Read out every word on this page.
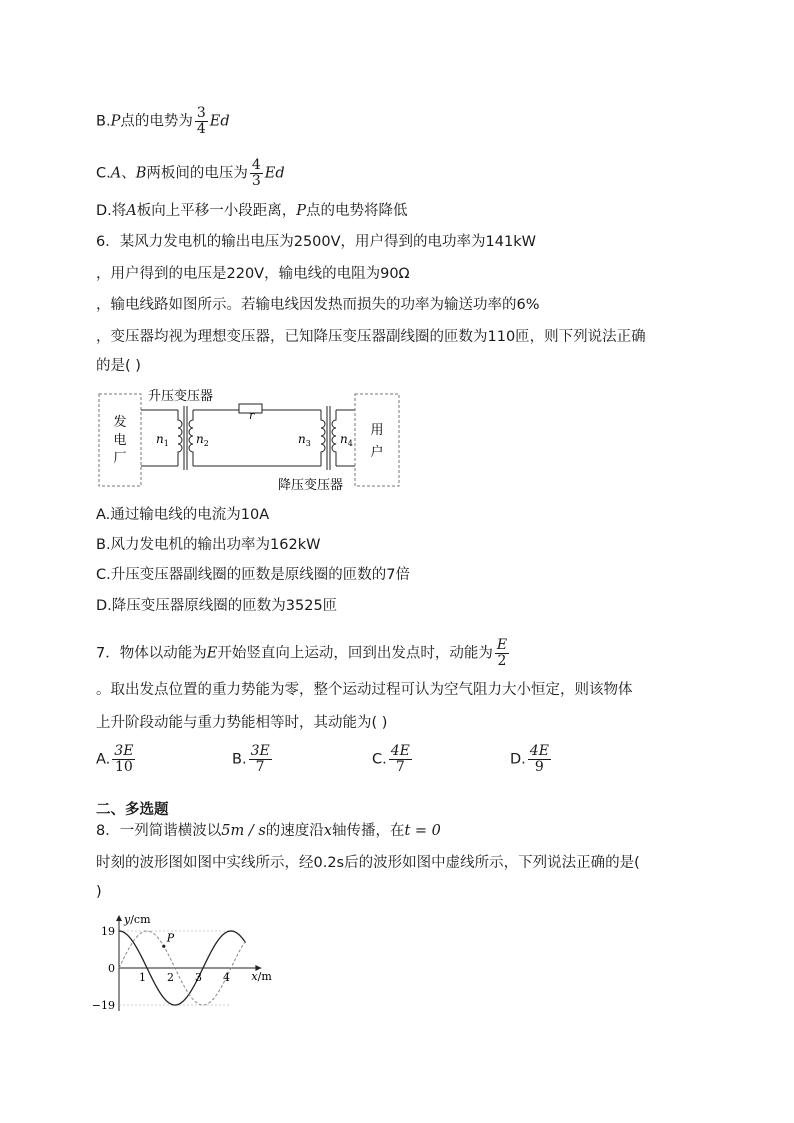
B.P点的电势为 $\frac{3}{4}$ Ed
C.A、B两板间的电压为 $\frac{4}{3}$ Ed
D.将A板向上平移一小段距离，P点的电势将降低
6．某风力发电机的输出电压为2500V，用户得到的电功率为141kW
，用户得到的电压是220V，输电线的电阻为90Ω
，输电线路如图所示。若输电线因发热而损失的功率为输送功率的6%
，变压器均视为理想变压器，已知降压变压器副线圈的匝数为110匝，则下列说法正确
的是( )
发
电
厂
$n_1$ $n_2$
升压变压器
r
$n_3$ $n_4$
用
户
降压变压器
A.通过输电线的电流为10A
B.风力发电机的输出功率为162kW
C.升压变压器副线圈的匝数是原线圈的匝数的7倍
D.降压变压器原线圈的匝数为3525匝
7．物体以动能为E开始竖直向上运动，回到出发点时，动能为 $\frac{E}{2}$
。取出发点位置的重力势能为零，整个运动过程可认为空气阻力大小恒定，则该物体
上升阶段动能与重力势能相等时，其动能为( )
A. $\frac{3E}{10}$	B. $\frac{3E}{7}$	C. $\frac{4E}{7}$	D. $\frac{4E}{9}$
二、多选题
8．一列简谐横波以5m / s的速度沿x轴传播，在t = 0
时刻的波形图如图中实线所示，经0.2s后的波形如图中虚线所示，下列说法正确的是(
)
P
1 2 3 4
19
0
−19
x/m
y/cm
